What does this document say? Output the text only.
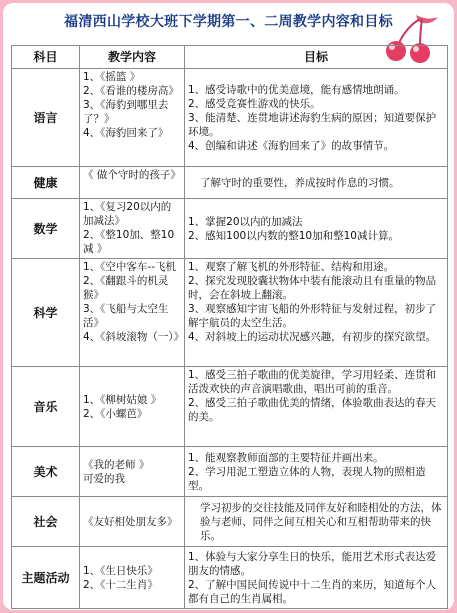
福清西山学校大班下学期第一、二周教学内容和目标
科目	教学内容	目标
语言	1、《摇篮 》
2、《看谁的楼房高》
3、《海豹到哪里去了？》
4、《海豹回来了》	1、感受诗歌中的优美意境，能有感情地朗诵。
2、感受竞赛性游戏的快乐。
3、能清楚、连贯地讲述海豹生病的原因；知道要保护环境。
4、创编和讲述《海豹回来了》的故事情节。

健康	《 做个守时的孩子》	了解守时的重要性，养成按时作息的习惯。

数学	1、《复习20以内的加减法》
2、《整10加、整10减 》	1、掌握20以内的加减法
2、感知100以内数的整10加和整10减计算。

科学	1、《空中客车--飞机
2、《翻跟斗的机灵猴》
3、《飞船与太空生活》
4、《斜坡滚物（一）》	1、观察了解飞机的外形特征、结构和用途。
2、探究发现胶囊状物体中装有能滚动且有重量的物品时，会在斜坡上翻滚。
3、观察感知宇宙飞船的外形特征与发射过程，初步了解宇航员的太空生活。
4、对斜坡上的运动状况感兴趣，有初步的探究欲望。

音乐	1、《柳树姑娘 》
2、《小螺芭》	1、感受三拍子歌曲的优美旋律，学习用轻柔、连贯和活泼欢快的声音演唱歌曲，唱出可前的重音。
2、感受三拍子歌曲优美的情绪，体验歌曲表达的春天的美。

美术	《我的老师 》
可爱的我	1、能观察教师面部的主要特征并画出来。
2、学习用泥工塑造立体的人物，表现人物的照相造型。

社会	《友好相处朋友多》	学习初步的交往技能及同伴友好和睦相处的方法，体验与老师、同伴之间互相关心和互相帮助带来的快乐。

主题活动	1、《生日快乐》
2、《十二生肖》	1、体验与大家分享生日的快乐，能用艺术形式表达爱朋友的情感。
2、了解中国民间传说中十二生肖的来历，知道每个人都有自己的生肖属相。
